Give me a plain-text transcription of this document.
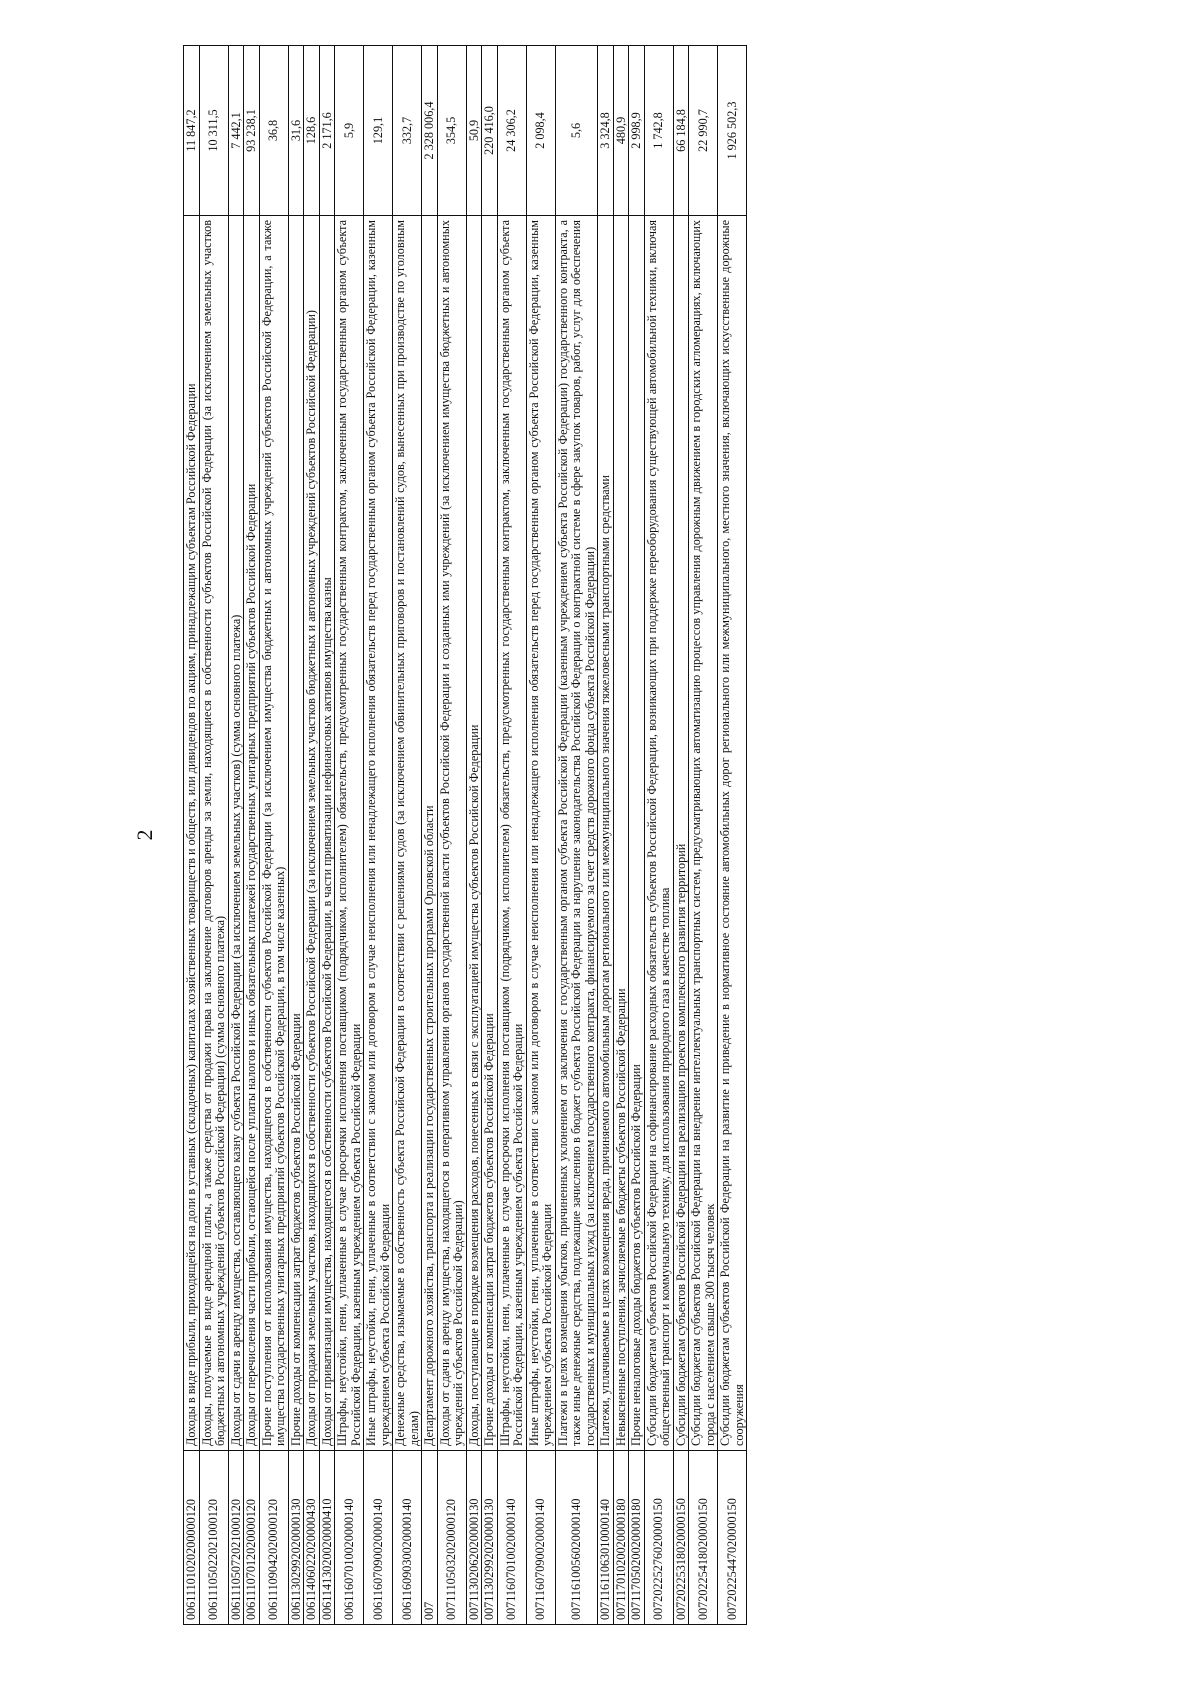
2
00611101020200000120	Доходы в виде прибыли, приходящейся на доли в уставных (складочных) капиталах хозяйственных товариществ и обществ, или дивидендов по акциям, принадлежащим субъектам Российской Федерации	11 847,2
00611105022021000120	Доходы, получаемые в виде арендной платы, а также средства от продажи права на заключение договоров аренды за земли, находящиеся в собственности субъектов Российской Федерации (за исключением земельных участков бюджетных и автономных учреждений субъектов Российской Федерации) (сумма основного платежа)	10 311,5
00611105072021000120	Доходы от сдачи в аренду имущества, составляющего казну субъекта Российской Федерации (за исключением земельных участков) (сумма основного платежа)	7 442,1
00611107012020000120	Доходы от перечисления части прибыли, остающейся после уплаты налогов и иных обязательных платежей государственных унитарных предприятий субъектов Российской Федерации	93 238,1
00611109042020000120	Прочие поступления от использования имущества, находящегося в собственности субъектов Российской Федерации (за исключением имущества бюджетных и автономных учреждений субъектов Российской Федерации, а также имущества государственных унитарных предприятий субъектов Российской Федерации, в том числе казенных)	36,8
00611302992020000130	Прочие доходы от компенсации затрат бюджетов субъектов Российской Федерации	31,6
00611406022020000430	Доходы от продажи земельных участков, находящихся в собственности субъектов Российской Федерации (за исключением земельных участков бюджетных и автономных учреждений субъектов Российской Федерации)	128,6
00611413020020000410	Доходы от приватизации имущества, находящегося в собственности субъектов Российской Федерации, в части приватизации нефинансовых активов имущества казны	2 171,6
00611607010020000140	Штрафы, неустойки, пени, уплаченные в случае просрочки исполнения поставщиком (подрядчиком, исполнителем) обязательств, предусмотренных государственным контрактом, заключенным государственным органом субъекта Российской Федерации, казенным учреждением субъекта Российской Федерации	5,9
00611607090020000140	Иные штрафы, неустойки, пени, уплаченные в соответствии с законом или договором в случае неисполнения или ненадлежащего исполнения обязательств перед государственным органом субъекта Российской Федерации, казенным учреждением субъекта Российской Федерации	129,1
00611609030020000140	Денежные средства, изымаемые в собственность субъекта Российской Федерации в соответствии с решениями судов (за исключением обвинительных приговоров и постановлений судов, вынесенных при производстве по уголовным делам)	332,7
007	Департамент дорожного хозяйства, транспорта и реализации государственных строительных программ Орловской области	2 328 006,4
00711105032020000120	Доходы от сдачи в аренду имущества, находящегося в оперативном управлении органов государственной власти субъектов Российской Федерации и созданных ими учреждений (за исключением имущества бюджетных и автономных учреждений субъектов Российской Федерации)	354,5
00711302062020000130	Доходы, поступающие в порядке возмещения расходов, понесенных в связи с эксплуатацией имущества субъектов Российской Федерации	50,9
00711302992020000130	Прочие доходы от компенсации затрат бюджетов субъектов Российской Федерации	220 416,0
00711607010020000140	Штрафы, неустойки, пени, уплаченные в случае просрочки исполнения поставщиком (подрядчиком, исполнителем) обязательств, предусмотренных государственным контрактом, заключенным государственным органом субъекта Российской Федерации, казенным учреждением субъекта Российской Федерации	24 306,2
00711607090020000140	Иные штрафы, неустойки, пени, уплаченные в соответствии с законом или договором в случае неисполнения или ненадлежащего исполнения обязательств перед государственным органом субъекта Российской Федерации, казенным учреждением субъекта Российской Федерации	2 098,4
00711610056020000140	Платежи в целях возмещения убытков, причиненных уклонением от заключения с государственным органом субъекта Российской Федерации (казенным учреждением субъекта Российской Федерации) государственного контракта, а также иные денежные средства, подлежащие зачислению в бюджет субъекта Российской Федерации за нарушение законодательства Российской Федерации о контрактной системе в сфере закупок товаров, работ, услуг для обеспечения государственных и муниципальных нужд (за исключением государственного контракта, финансируемого за счет средств дорожного фонда субъекта Российской Федерации)	5,6
00711611063010000140	Платежи, уплачиваемые в целях возмещения вреда, причиняемого автомобильным дорогам регионального или межмуниципального значения тяжеловесными транспортными средствами	3 324,8
00711701020020000180	Невыясненные поступления, зачисляемые в бюджеты субъектов Российской Федерации	480,9
00711705020020000180	Прочие неналоговые доходы бюджетов субъектов Российской Федерации	2 998,9
00720225276020000150	Субсидии бюджетам субъектов Российской Федерации на софинансирование расходных обязательств субъектов Российской Федерации, возникающих при поддержке переоборудования существующей автомобильной техники, включая общественный транспорт и коммунальную технику, для использования природного газа в качестве топлива	1 742,8
00720225318020000150	Субсидии бюджетам субъектов Российской Федерации на реализацию проектов комплексного развития территорий	66 184,8
00720225418020000150	Субсидии бюджетам субъектов Российской Федерации на внедрение интеллектуальных транспортных систем, предусматривающих автоматизацию процессов управления дорожным движением в городских агломерациях, включающих города с населением свыше 300 тысяч человек	22 990,7
00720225447020000150	Субсидии бюджетам субъектов Российской Федерации на развитие и приведение в нормативное состояние автомобильных дорог регионального или межмуниципального, местного значения, включающих искусственные дорожные сооружения	1 926 502,3
